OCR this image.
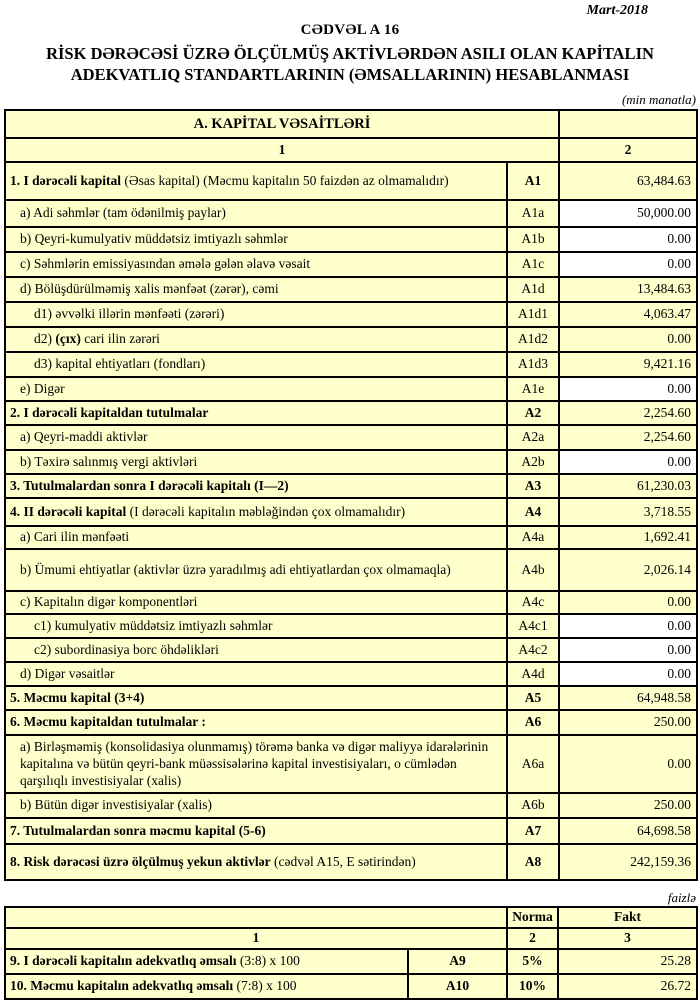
Mart-2018
CƏDVƏL A 16
RİSK DƏRƏCƏSİ ÜZRƏ ÖLÇÜLMÜŞ AKTİVLƏRDƏN ASILI OLAN KAPİTALIN
ADEKVATLIQ STANDARTLARININ (ƏMSALLARININ) HESABLANMASI
(min manatla)
A. KAPİTAL VƏSAİTLƏRİ		
1		2
1. I dərəcəli kapital (Əsas kapital) (Məcmu kapitalın 50 faizdən az olmamalıdır)	A1	63,484.63
a) Adi səhmlər (tam ödənilmiş paylar)	A1a	50,000.00
b) Qeyri-kumulyativ müddətsiz imtiyazlı səhmlər	A1b	0.00
c) Səhmlərin emissiyasından əmələ gələn əlavə vəsait	A1c	0.00
d) Bölüşdürülməmiş xalis mənfəət (zərər), cəmi	A1d	13,484.63
d1) əvvəlki illərin mənfəəti (zərəri)	A1d1	4,063.47
d2) (çıx) cari ilin zərəri	A1d2	0.00
d3) kapital ehtiyatları (fondları)	A1d3	9,421.16
e) Digər	A1e	0.00
2. I dərəcəli kapitaldan tutulmalar	A2	2,254.60
a) Qeyri-maddi aktivlər	A2a	2,254.60
b) Təxirə salınmış vergi aktivləri	A2b	0.00
3. Tutulmalardan sonra I dərəcəli kapitalı (I—2)	A3	61,230.03
4. II dərəcəli kapital (I dərəcəli kapitalın məbləğindən çox olmamalıdır)	A4	3,718.55
a) Cari ilin mənfəəti	A4a	1,692.41
b) Ümumi ehtiyatlar (aktivlər üzrə yaradılmış adi ehtiyatlardan çox olmamaqla)	A4b	2,026.14
c) Kapitalın digər komponentləri	A4c	0.00
c1) kumulyativ müddətsiz imtiyazlı səhmlər	A4c1	0.00
c2) subordinasiya borc öhdəlikləri	A4c2	0.00
d) Digər vəsaitlər	A4d	0.00
5. Məcmu kapital (3+4)	A5	64,948.58
6. Məcmu kapitaldan tutulmalar :	A6	250.00
a) Birləşməmiş (konsolidasiya olunmamış) törəmə banka və digər maliyyə idarələrinin kapitalına və bütün qeyri-bank müəssisələrinə kapital investisiyaları, o cümlədən qarşılıqlı investisiyalar (xalis)	A6a	0.00
b) Bütün digər investisiyalar (xalis)	A6b	250.00
7. Tutulmalardan sonra məcmu kapital (5-6)	A7	64,698.58
8. Risk dərəcəsi üzrə ölçülmuş yekun aktivlər (cədvəl A15, E sətirindən)	A8	242,159.36
faizlə
		Norma	Fakt
1		2	3
9. I dərəcəli kapitalın adekvatlıq əmsalı (3:8) x 100	A9	5%	25.28
10. Məcmu kapitalın adekvatlıq əmsalı (7:8) x 100	A10	10%	26.72
